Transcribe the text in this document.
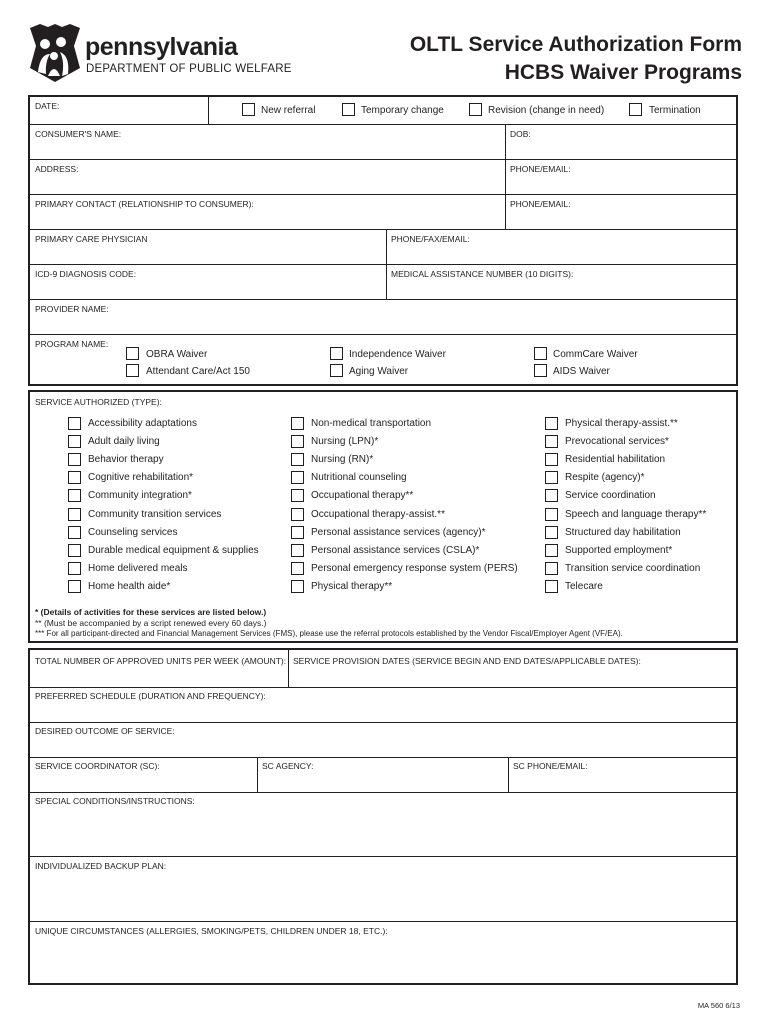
pennsylvania
DEPARTMENT OF PUBLIC WELFARE
OLTL Service Authorization Form
HCBS Waiver Programs
DATE:	New referral	Temporary change	Revision (change in need)	Termination
CONSUMER'S NAME:	DOB:
ADDRESS:	PHONE/EMAIL:
PRIMARY CONTACT (RELATIONSHIP TO CONSUMER):	PHONE/EMAIL:
PRIMARY CARE PHYSICIAN	PHONE/FAX/EMAIL:
ICD-9 DIAGNOSIS CODE:	MEDICAL ASSISTANCE NUMBER (10 DIGITS):
PROVIDER NAME:
PROGRAM NAME:
OBRA Waiver	Independence Waiver	CommCare Waiver
Attendant Care/Act 150	Aging Waiver	AIDS Waiver
SERVICE AUTHORIZED (TYPE):
Accessibility adaptations
Adult daily living
Behavior therapy
Cognitive rehabilitation*
Community integration*
Community transition services
Counseling services
Durable medical equipment & supplies
Home delivered meals
Home health aide*
Non-medical transportation
Nursing (LPN)*
Nursing (RN)*
Nutritional counseling
Occupational therapy**
Occupational therapy-assist.**
Personal assistance services (agency)*
Personal assistance services (CSLA)*
Personal emergency response system (PERS)
Physical therapy**
Physical therapy-assist.**
Prevocational services*
Residential habilitation
Respite (agency)*
Service coordination
Speech and language therapy**
Structured day habilitation
Supported employment*
Transition service coordination
Telecare
* (Details of activities for these services are listed below.)
** (Must be accompanied by a script renewed every 60 days.)
*** For all participant-directed and Financial Management Services (FMS), please use the referral protocols established by the Vendor Fiscal/Employer Agent (VF/EA).
TOTAL NUMBER OF APPROVED UNITS PER WEEK (AMOUNT): SERVICE PROVISION DATES (SERVICE BEGIN AND END DATES/APPLICABLE DATES):
PREFERRED SCHEDULE (DURATION AND FREQUENCY):
DESIRED OUTCOME OF SERVICE:
SERVICE COORDINATOR (SC):	SC AGENCY:	SC PHONE/EMAIL:
SPECIAL CONDITIONS/INSTRUCTIONS:
INDIVIDUALIZED BACKUP PLAN:
UNIQUE CIRCUMSTANCES (ALLERGIES, SMOKING/PETS, CHILDREN UNDER 18, ETC.):
MA 560 6/13
